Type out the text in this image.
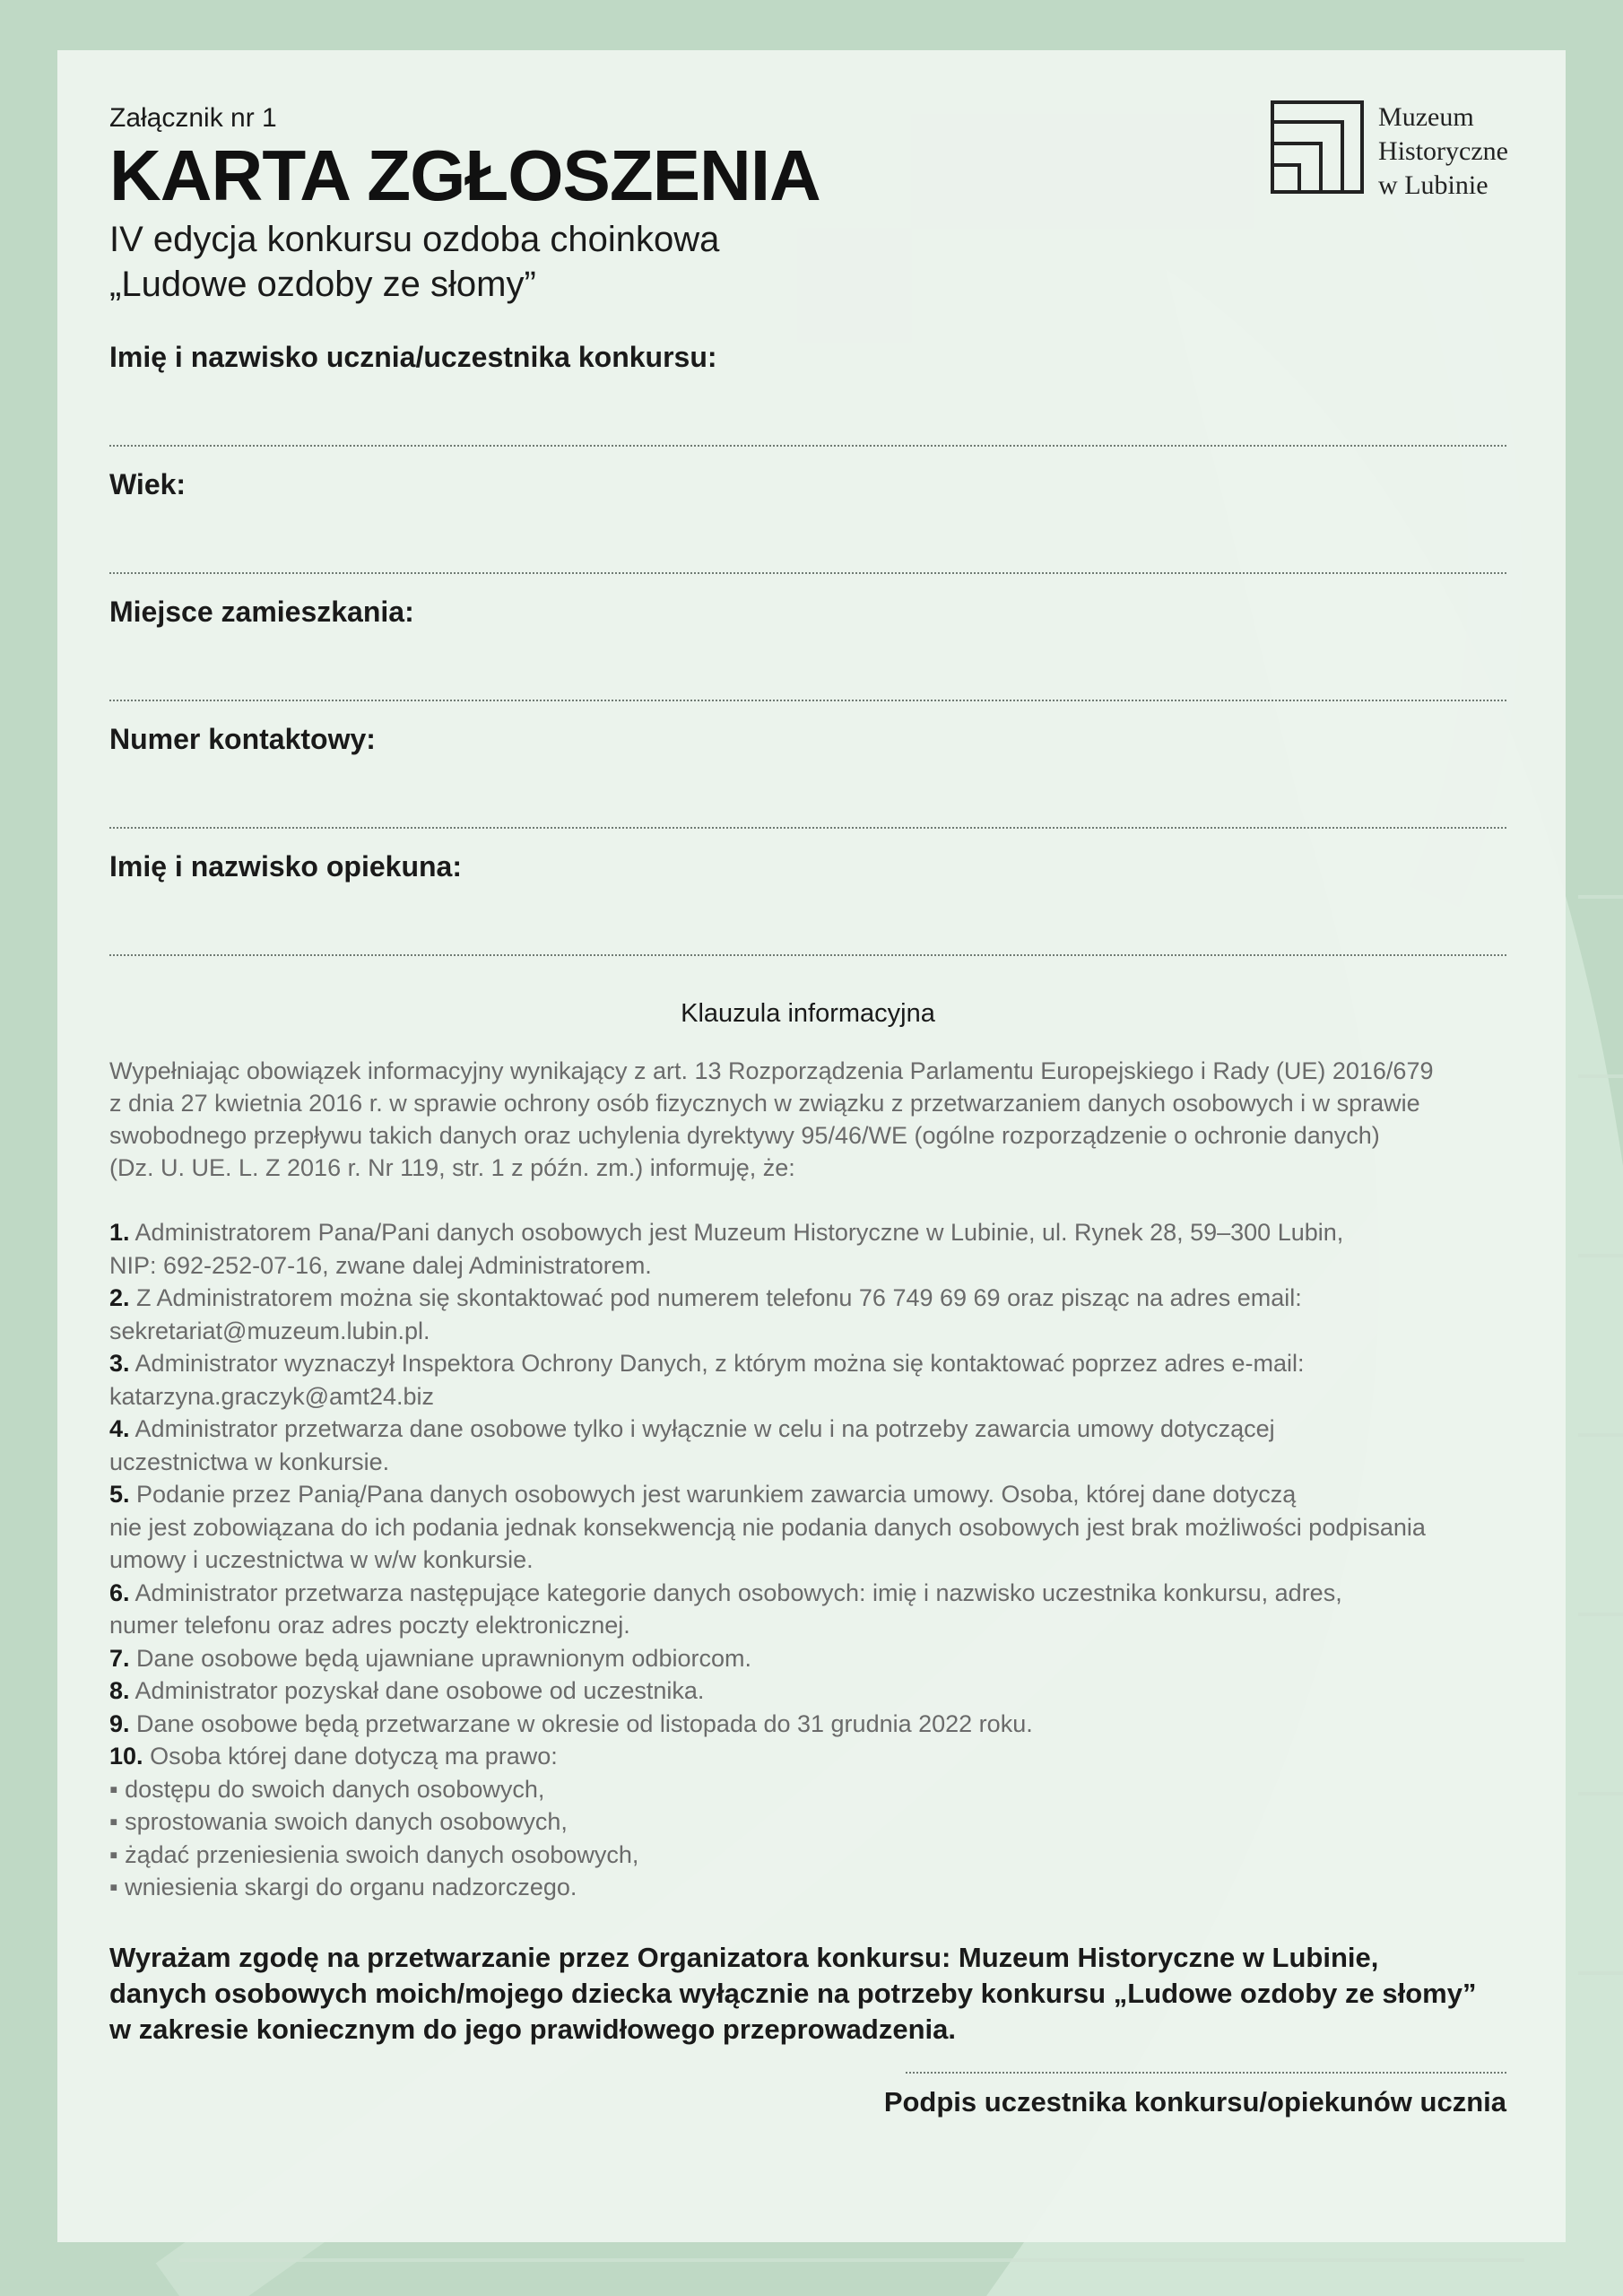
Załącznik nr 1

KARTA ZGŁOSZENIA
IV edycja konkursu ozdoba choinkowa
„Ludowe ozdoby ze słomy”

Imię i nazwisko ucznia/uczestnika konkursu:

Wiek:

Miejsce zamieszkania:

Numer kontaktowy:

Imię i nazwisko opiekuna:

Klauzula informacyjna
Wypełniając obowiązek informacyjny wynikający z art. 13 Rozporządzenia Parlamentu Europejskiego i Rady (UE) 2016/679
z dnia 27 kwietnia 2016 r. w sprawie ochrony osób fizycznych w związku z przetwarzaniem danych osobowych i w sprawie
swobodnego przepływu takich danych oraz uchylenia dyrektywy 95/46/WE (ogólne rozporządzenie o ochronie danych)
(Dz. U. UE. L. Z 2016 r. Nr 119, str. 1 z późn. zm.) informuję, że:
1. Administratorem Pana/Pani danych osobowych jest Muzeum Historyczne w Lubinie, ul. Rynek 28, 59–300 Lubin,
NIP: 692-252-07-16, zwane dalej Administratorem.
2. Z Administratorem można się skontaktować pod numerem telefonu 76 749 69 69 oraz pisząc na adres email:
sekretariat@muzeum.lubin.pl.
3. Administrator wyznaczył Inspektora Ochrony Danych, z którym można się kontaktować poprzez adres e-mail:
katarzyna.graczyk@amt24.biz
4. Administrator przetwarza dane osobowe tylko i wyłącznie w celu i na potrzeby zawarcia umowy dotyczącej
uczestnictwa w konkursie.
5. Podanie przez Panią/Pana danych osobowych jest warunkiem zawarcia umowy. Osoba, której dane dotyczą
nie jest zobowiązana do ich podania jednak konsekwencją nie podania danych osobowych jest brak możliwości podpisania
umowy i uczestnictwa w w/w konkursie.
6. Administrator przetwarza następujące kategorie danych osobowych: imię i nazwisko uczestnika konkursu, adres,
numer telefonu oraz adres poczty elektronicznej.
7. Dane osobowe będą ujawniane uprawnionym odbiorcom.
8. Administrator pozyskał dane osobowe od uczestnika.
9. Dane osobowe będą przetwarzane w okresie od listopada do 31 grudnia 2022 roku.
10. Osoba której dane dotyczą ma prawo:
▪ dostępu do swoich danych osobowych,
▪ sprostowania swoich danych osobowych,
▪ żądać przeniesienia swoich danych osobowych,
▪ wniesienia skargi do organu nadzorczego.
Wyrażam zgodę na przetwarzanie przez Organizatora konkursu: Muzeum Historyczne w Lubinie,
danych osobowych moich/mojego dziecka wyłącznie na potrzeby konkursu „Ludowe ozdoby ze słomy”
w zakresie koniecznym do jego prawidłowego przeprowadzenia.
Podpis uczestnika konkursu/opiekunów ucznia
Muzeum
Historyczne
w Lubinie
